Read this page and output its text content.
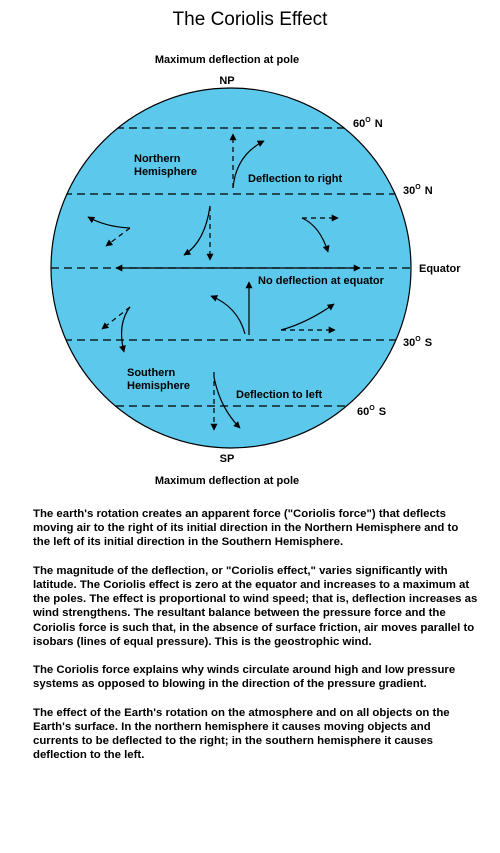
The Coriolis Effect
Maximum deflection at pole
NP
$60^O$ N
$30^O$ N
Equator
$30^O$ S
$60^O$ S
Northern
Hemisphere
Southern
Hemisphere
Deflection to right
No deflection at equator
Deflection to left
SP
Maximum deflection at pole

The earth's rotation creates an apparent force ("Coriolis force") that deflects moving air to the right of its initial direction in the Northern Hemisphere and to the left of its initial direction in the Southern Hemisphere.

The magnitude of the deflection, or "Coriolis effect," varies significantly with latitude. The Coriolis effect is zero at the equator and increases to a maximum at the poles. The effect is proportional to wind speed; that is, deflection increases as wind strengthens. The resultant balance between the pressure force and the Coriolis force is such that, in the absence of surface friction, air moves parallel to isobars (lines of equal pressure). This is the geostrophic wind.

The Coriolis force explains why winds circulate around high and low pressure systems as opposed to blowing in the direction of the pressure gradient.

The effect of the Earth's rotation on the atmosphere and on all objects on the Earth's surface. In the northern hemisphere it causes moving objects and currents to be deflected to the right; in the southern hemisphere it causes deflection to the left.
